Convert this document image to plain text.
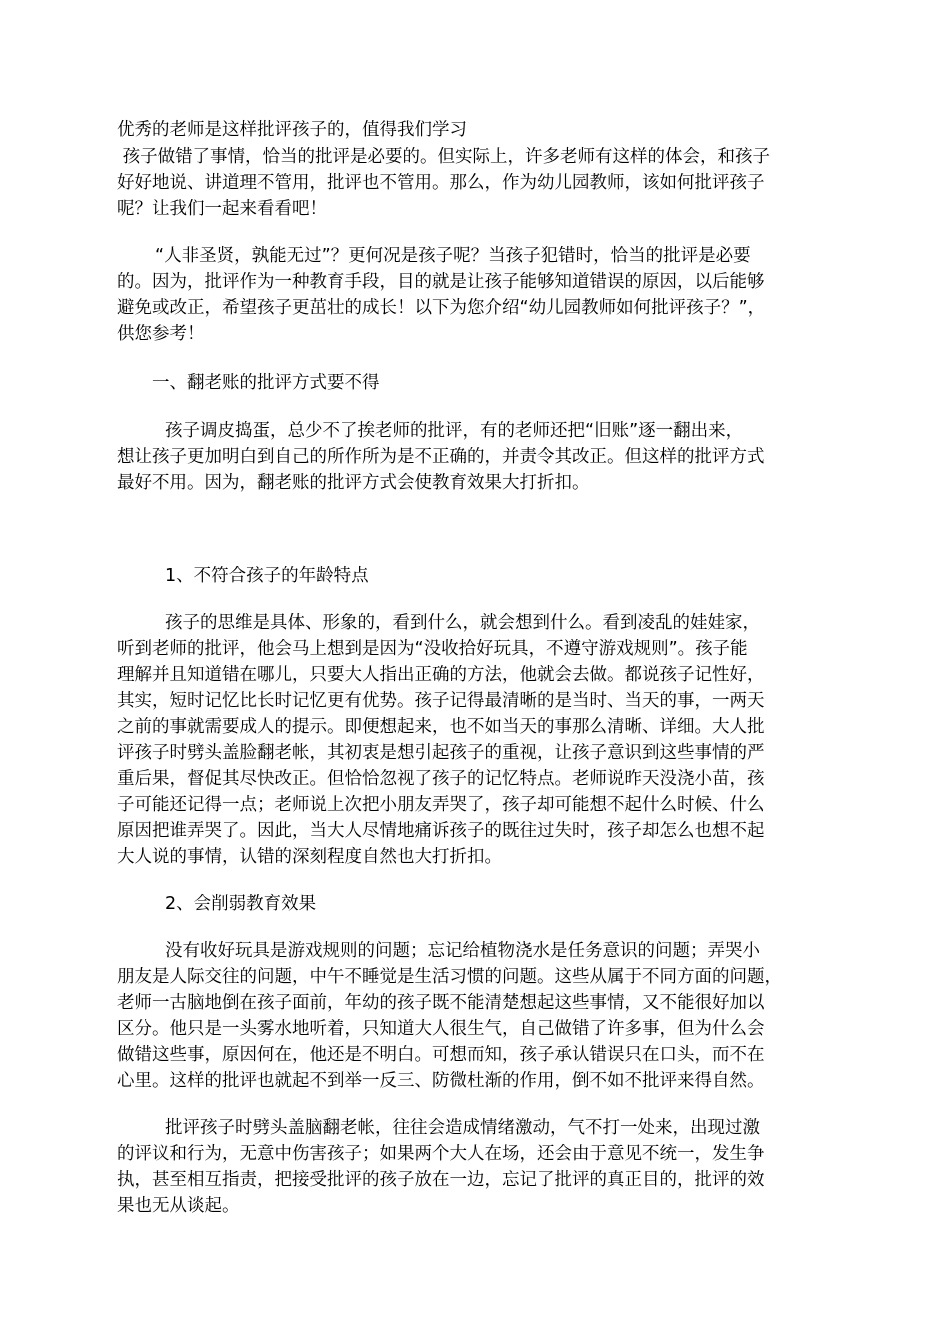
优秀的老师是这样批评孩子的，值得我们学习

孩子做错了事情，恰当的批评是必要的。但实际上，许多老师有这样的体会，和孩子

好好地说、讲道理不管用，批评也不管用。那么，作为幼儿园教师，该如何批评孩子

呢？让我们一起来看看吧！

“人非圣贤，孰能无过”？更何况是孩子呢？当孩子犯错时，恰当的批评是必要

的。因为，批评作为一种教育手段，目的就是让孩子能够知道错误的原因，以后能够

避免或改正，希望孩子更茁壮的成长！以下为您介绍“幼儿园教师如何批评孩子？”，

供您参考！

一、翻老账的批评方式要不得

孩子调皮捣蛋，总少不了挨老师的批评，有的老师还把“旧账”逐一翻出来，

想让孩子更加明白到自己的所作所为是不正确的，并责令其改正。但这样的批评方式

最好不用。因为，翻老账的批评方式会使教育效果大打折扣。

1、不符合孩子的年龄特点

孩子的思维是具体、形象的，看到什么，就会想到什么。看到凌乱的娃娃家，

听到老师的批评，他会马上想到是因为“没收拾好玩具，不遵守游戏规则”。孩子能

理解并且知道错在哪儿，只要大人指出正确的方法，他就会去做。都说孩子记性好，

其实，短时记忆比长时记忆更有优势。孩子记得最清晰的是当时、当天的事，一两天

之前的事就需要成人的提示。即便想起来，也不如当天的事那么清晰、详细。大人批

评孩子时劈头盖脸翻老帐，其初衷是想引起孩子的重视，让孩子意识到这些事情的严

重后果，督促其尽快改正。但恰恰忽视了孩子的记忆特点。老师说昨天没浇小苗，孩

子可能还记得一点；老师说上次把小朋友弄哭了，孩子却可能想不起什么时候、什么

原因把谁弄哭了。因此，当大人尽情地痛诉孩子的既往过失时，孩子却怎么也想不起

大人说的事情，认错的深刻程度自然也大打折扣。

2、会削弱教育效果

没有收好玩具是游戏规则的问题；忘记给植物浇水是任务意识的问题；弄哭小

朋友是人际交往的问题，中午不睡觉是生活习惯的问题。这些从属于不同方面的问题，

老师一古脑地倒在孩子面前，年幼的孩子既不能清楚想起这些事情，又不能很好加以

区分。他只是一头雾水地听着，只知道大人很生气，自己做错了许多事，但为什么会

做错这些事，原因何在，他还是不明白。可想而知，孩子承认错误只在口头，而不在

心里。这样的批评也就起不到举一反三、防微杜渐的作用，倒不如不批评来得自然。

批评孩子时劈头盖脑翻老帐，往往会造成情绪激动，气不打一处来，出现过激

的评议和行为，无意中伤害孩子；如果两个大人在场，还会由于意见不统一，发生争

执，甚至相互指责，把接受批评的孩子放在一边，忘记了批评的真正目的，批评的效

果也无从谈起。
